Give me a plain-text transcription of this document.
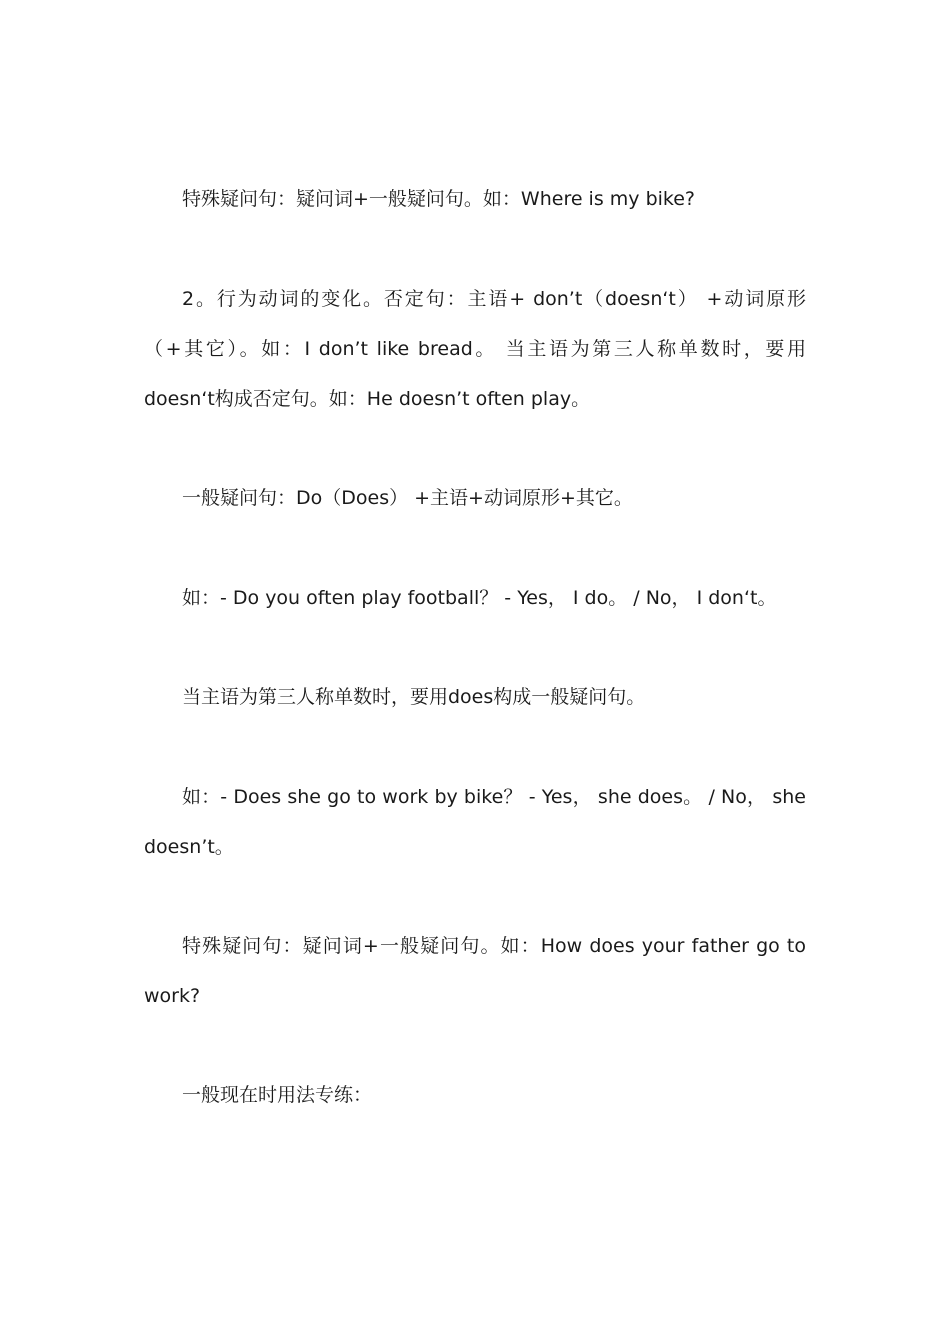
特殊疑问句：疑问词+一般疑问句。如：Where is my bike?

2。行为动词的变化。否定句：主语+ don’t（doesn‘t） +动词原形
（+其它）。如：I don’t like bread。 当主语为第三人称单数时，要用
doesn‘t构成否定句。如：He doesn’t often play。

一般疑问句：Do（Does） +主语+动词原形+其它。

如：- Do you often play football？ - Yes， I do。 / No， I don‘t。

当主语为第三人称单数时，要用does构成一般疑问句。

如：- Does she go to work by bike？ - Yes， she does。 / No， she
doesn’t。

特殊疑问句：疑问词+一般疑问句。如：How does your father go to
work?

一般现在时用法专练：
